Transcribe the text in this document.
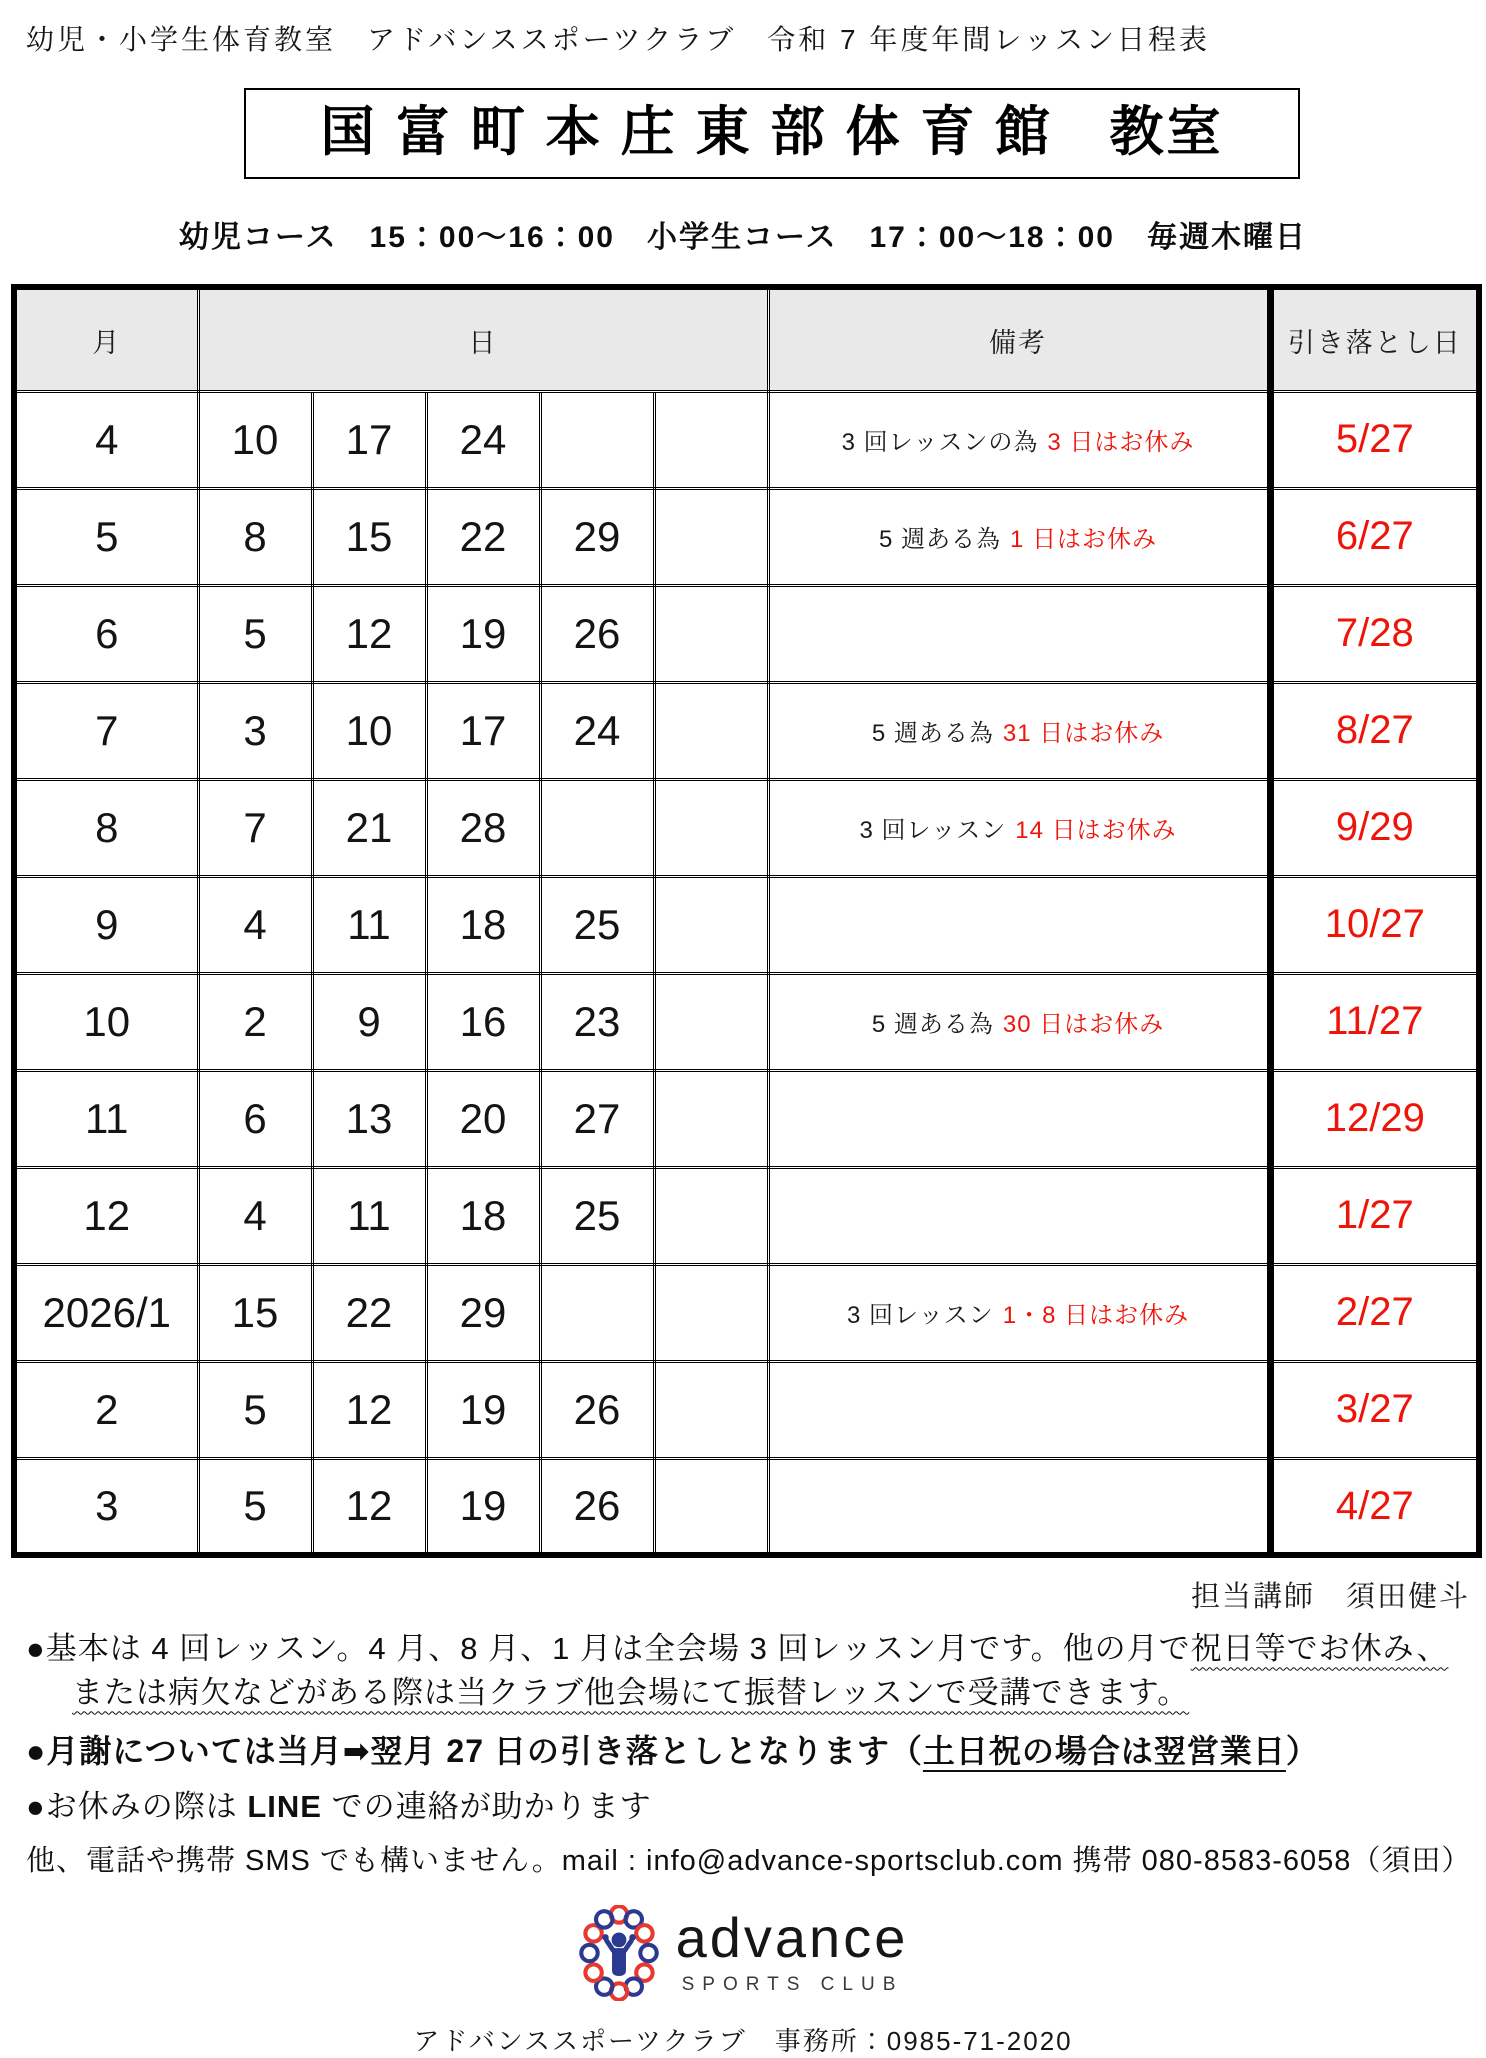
幼児・小学生体育教室　アドバンススポーツクラブ　令和 7 年度年間レッスン日程表
国 富 町 本 庄 東 部 体 育 館　教室
幼児コース　15：00～16：00　小学生コース　17：00～18：00　毎週木曜日
月	日					備考	引き落とし日
4	10	17	24			3 回レッスンの為 3 日はお休み	5/27
5	8	15	22	29		5 週ある為 1 日はお休み	6/27
6	5	12	19	26			7/28
7	3	10	17	24		5 週ある為 31 日はお休み	8/27
8	7	21	28			3 回レッスン 14 日はお休み	9/29
9	4	11	18	25			10/27
10	2	9	16	23		5 週ある為 30 日はお休み	11/27
11	6	13	20	27			12/29
12	4	11	18	25			1/27
2026/1	15	22	29			3 回レッスン 1・8 日はお休み	2/27
2	5	12	19	26			3/27
3	5	12	19	26			4/27
担当講師　須田健斗
●基本は 4 回レッスン。4 月、8 月、1 月は全会場 3 回レッスン月です。他の月で祝日等でお休み、
または病欠などがある際は当クラブ他会場にて振替レッスンで受講できます。
●月謝については当月➡翌月 27 日の引き落としとなります（土日祝の場合は翌営業日）
●お休みの際は LINE での連絡が助かります
他、電話や携帯 SMS でも構いません。mail : info@advance-sportsclub.com 携帯 080-8583-6058（須田）
advance
SPORTS CLUB
アドバンススポーツクラブ　事務所：0985-71-2020
